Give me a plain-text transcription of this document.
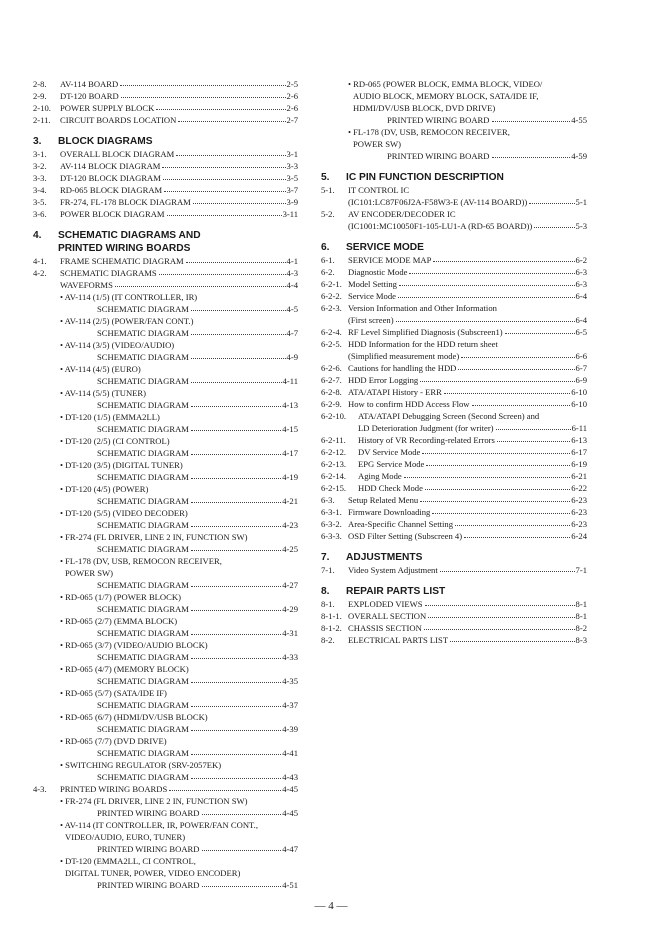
2-8.	AV-114 BOARD	2-5
2-9.	DT-120 BOARD	2-6
2-10.	POWER SUPPLY BLOCK	2-6
2-11.	CIRCUIT BOARDS LOCATION	2-7
3.	BLOCK DIAGRAMS
3-1.	OVERALL BLOCK DIAGRAM	3-1
3-2.	AV-114 BLOCK DIAGRAM	3-3
3-3.	DT-120 BLOCK DIAGRAM	3-5
3-4.	RD-065 BLOCK DIAGRAM	3-7
3-5.	FR-274, FL-178 BLOCK DIAGRAM	3-9
3-6.	POWER BLOCK DIAGRAM	3-11
4.	SCHEMATIC DIAGRAMS AND
PRINTED WIRING BOARDS
4-1.	FRAME SCHEMATIC DIAGRAM	4-1
4-2.	SCHEMATIC DIAGRAMS	4-3
WAVEFORMS	4-4
• AV-114 (1/5) (IT CONTROLLER, IR)
SCHEMATIC DIAGRAM	4-5
• AV-114 (2/5) (POWER/FAN CONT.)
SCHEMATIC DIAGRAM	4-7
• AV-114 (3/5) (VIDEO/AUDIO)
SCHEMATIC DIAGRAM	4-9
• AV-114 (4/5) (EURO)
SCHEMATIC DIAGRAM	4-11
• AV-114 (5/5) (TUNER)
SCHEMATIC DIAGRAM	4-13
• DT-120 (1/5) (EMMA2LL)
SCHEMATIC DIAGRAM	4-15
• DT-120 (2/5) (CI CONTROL)
SCHEMATIC DIAGRAM	4-17
• DT-120 (3/5) (DIGITAL TUNER)
SCHEMATIC DIAGRAM	4-19
• DT-120 (4/5) (POWER)
SCHEMATIC DIAGRAM	4-21
• DT-120 (5/5) (VIDEO DECODER)
SCHEMATIC DIAGRAM	4-23
• FR-274 (FL DRIVER, LINE 2 IN, FUNCTION SW)
SCHEMATIC DIAGRAM	4-25
• FL-178 (DV, USB, REMOCON RECEIVER,
POWER SW)
SCHEMATIC DIAGRAM	4-27
• RD-065 (1/7) (POWER BLOCK)
SCHEMATIC DIAGRAM	4-29
• RD-065 (2/7) (EMMA BLOCK)
SCHEMATIC DIAGRAM	4-31
• RD-065 (3/7) (VIDEO/AUDIO BLOCK)
SCHEMATIC DIAGRAM	4-33
• RD-065 (4/7) (MEMORY BLOCK)
SCHEMATIC DIAGRAM	4-35
• RD-065 (5/7) (SATA/IDE IF)
SCHEMATIC DIAGRAM	4-37
• RD-065 (6/7) (HDMI/DV/USB BLOCK)
SCHEMATIC DIAGRAM	4-39
• RD-065 (7/7) (DVD DRIVE)
SCHEMATIC DIAGRAM	4-41
• SWITCHING REGULATOR (SRV-2057EK)
SCHEMATIC DIAGRAM	4-43
4-3.	PRINTED WIRING BOARDS	4-45
• FR-274 (FL DRIVER, LINE 2 IN, FUNCTION SW)
PRINTED WIRING BOARD	4-45
• AV-114 (IT CONTROLLER, IR, POWER/FAN CONT.,
VIDEO/AUDIO, EURO, TUNER)
PRINTED WIRING BOARD	4-47
• DT-120 (EMMA2LL, CI CONTROL,
DIGITAL TUNER, POWER, VIDEO ENCODER)
PRINTED WIRING BOARD	4-51
• RD-065 (POWER BLOCK, EMMA BLOCK, VIDEO/
AUDIO BLOCK, MEMORY BLOCK, SATA/IDE IF,
HDMI/DV/USB BLOCK, DVD DRIVE)
PRINTED WIRING BOARD	4-55
• FL-178 (DV, USB, REMOCON RECEIVER,
POWER SW)
PRINTED WIRING BOARD	4-59
5.	IC PIN FUNCTION DESCRIPTION
5-1.	IT CONTROL IC
(IC101:LC87F06J2A-F58W3-E (AV-114 BOARD))	5-1
5-2.	AV ENCODER/DECODER IC
(IC1001:MC10050F1-105-LU1-A (RD-65 BOARD))	5-3
6.	SERVICE MODE
6-1.	SERVICE MODE MAP	6-2
6-2.	Diagnostic Mode	6-3
6-2-1. Model Setting	6-3
6-2-2. Service Mode	6-4
6-2-3. Version Information and Other Information
(First screen)	6-4
6-2-4. RF Level Simplified Diagnosis (Subscreen1)	6-5
6-2-5. HDD Information for the HDD return sheet
(Simplified measurement mode)	6-6
6-2-6. Cautions for handling the HDD	6-7
6-2-7. HDD Error Logging	6-9
6-2-8. ATA/ATAPI History - ERR	6-10
6-2-9. How to confirm HDD Access Flow	6-10
6-2-10.	ATA/ATAPI Debugging Screen (Second Screen) and
LD Deterioration Judgment (for writer)	6-11
6-2-11.	History of VR Recording-related Errors	6-13
6-2-12.	DV Service Mode	6-17
6-2-13.	EPG Service Mode	6-19
6-2-14.	Aging Mode	6-21
6-2-15.	HDD Check Mode	6-22
6-3.	Setup Related Menu	6-23
6-3-1. Firmware Downloading	6-23
6-3-2. Area-Specific Channel Setting	6-23
6-3-3. OSD Filter Setting (Subscreen 4)	6-24
7.	ADJUSTMENTS
7-1.	Video System Adjustment	7-1
8.	REPAIR PARTS LIST
8-1.	EXPLODED VIEWS	8-1
8-1-1. OVERALL SECTION	8-1
8-1-2. CHASSIS SECTION	8-2
8-2.	ELECTRICAL PARTS LIST	8-3
— 4 —
